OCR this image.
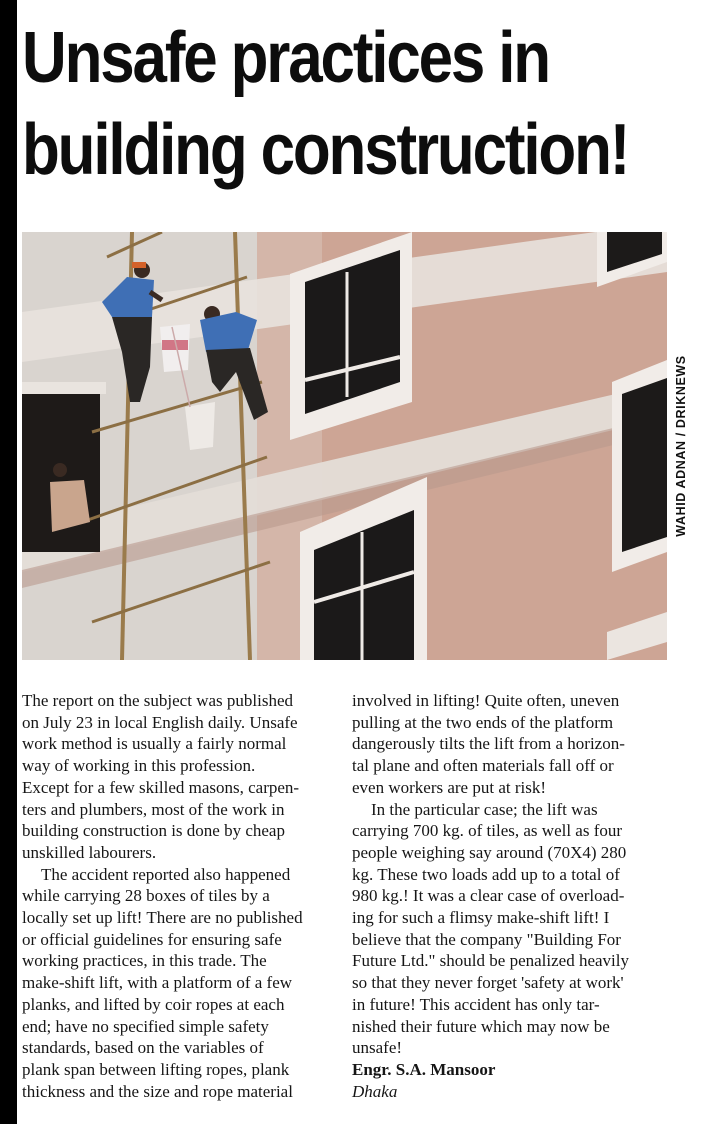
Unsafe practices in
building construction!
WAHID ADNAN / DRIKNEWS
The report on the subject was published
on July 23 in local English daily. Unsafe
work method is usually a fairly normal
way of working in this profession.
Except for a few skilled masons, carpen-
ters and plumbers, most of the work in
building construction is done by cheap
unskilled labourers.
The accident reported also happened
while carrying 28 boxes of tiles by a
locally set up lift! There are no published
or official guidelines for ensuring safe
working practices, in this trade. The
make-shift lift, with a platform of a few
planks, and lifted by coir ropes at each
end; have no specified simple safety
standards, based on the variables of
plank span between lifting ropes, plank
thickness and the size and rope material
involved in lifting! Quite often, uneven
pulling at the two ends of the platform
dangerously tilts the lift from a horizon-
tal plane and often materials fall off or
even workers are put at risk!
In the particular case; the lift was
carrying 700 kg. of tiles, as well as four
people weighing say around (70X4) 280
kg. These two loads add up to a total of
980 kg.! It was a clear case of overload-
ing for such a flimsy make-shift lift! I
believe that the company "Building For
Future Ltd." should be penalized heavily
so that they never forget 'safety at work'
in future! This accident has only tar-
nished their future which may now be
unsafe!
Engr. S.A. Mansoor
Dhaka
